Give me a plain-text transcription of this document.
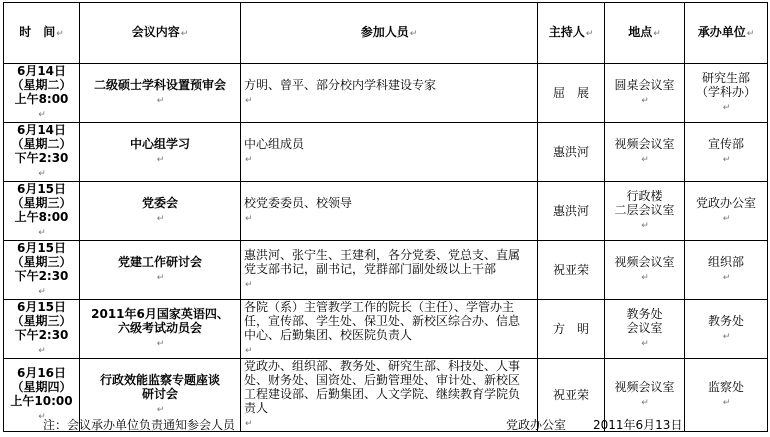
时　间↵	会议内容↵	参加人员↵	主持人↵	地点↵	承办单位↵

6月14日
（星期二）
上午8:00
↵	二级硕士学科设置预审会
↵	方明、曾平、部分校内学科建设专家
↵	屈　展	圆桌会议室
↵	研究生部
（学科办）
↵

6月14日
（星期二）
下午2:30
↵	中心组学习
↵	中心组成员
↵	惠洪河	视频会议室
↵	宣传部
↵

6月15日
（星期三）
上午8:00
↵	党委会
↵	校党委委员、校领导
↵	惠洪河	行政楼
二层会议室
↵	党政办公室
↵

6月15日
（星期三）
下午2:30
↵	党建工作研讨会
↵	惠洪河、张宁生、王建利，各分党委、党总支、直属
党支部书记，副书记，党群部门副处级以上干部
↵	祝亚荣	视频会议室
↵	组织部
↵

6月15日
（星期三）
下午2:30
↵	2011年6月国家英语四、
六级考试动员会
↵	各院（系）主管教学工作的院长（主任）、学管办主
任，宣传部、学生处、保卫处、新校区综合办、信息
中心、后勤集团、校医院负责人
↵	方　明	教务处
会议室
↵	教务处
↵

6月16日
（星期四）
上午10:00
↵	行政效能监察专题座谈
研讨会
↵	党政办、组织部、教务处、研究生部、科技处、人事
处、财务处、国资处、后勤管理处、审计处、新校区
工程建设部、后勤集团、人文学院、继续教育学院负
责人
↵	祝亚荣	视频会议室
↵	监察处
↵
注：会议承办单位负责通知参会人员	党政办公室 2011年6月13日
